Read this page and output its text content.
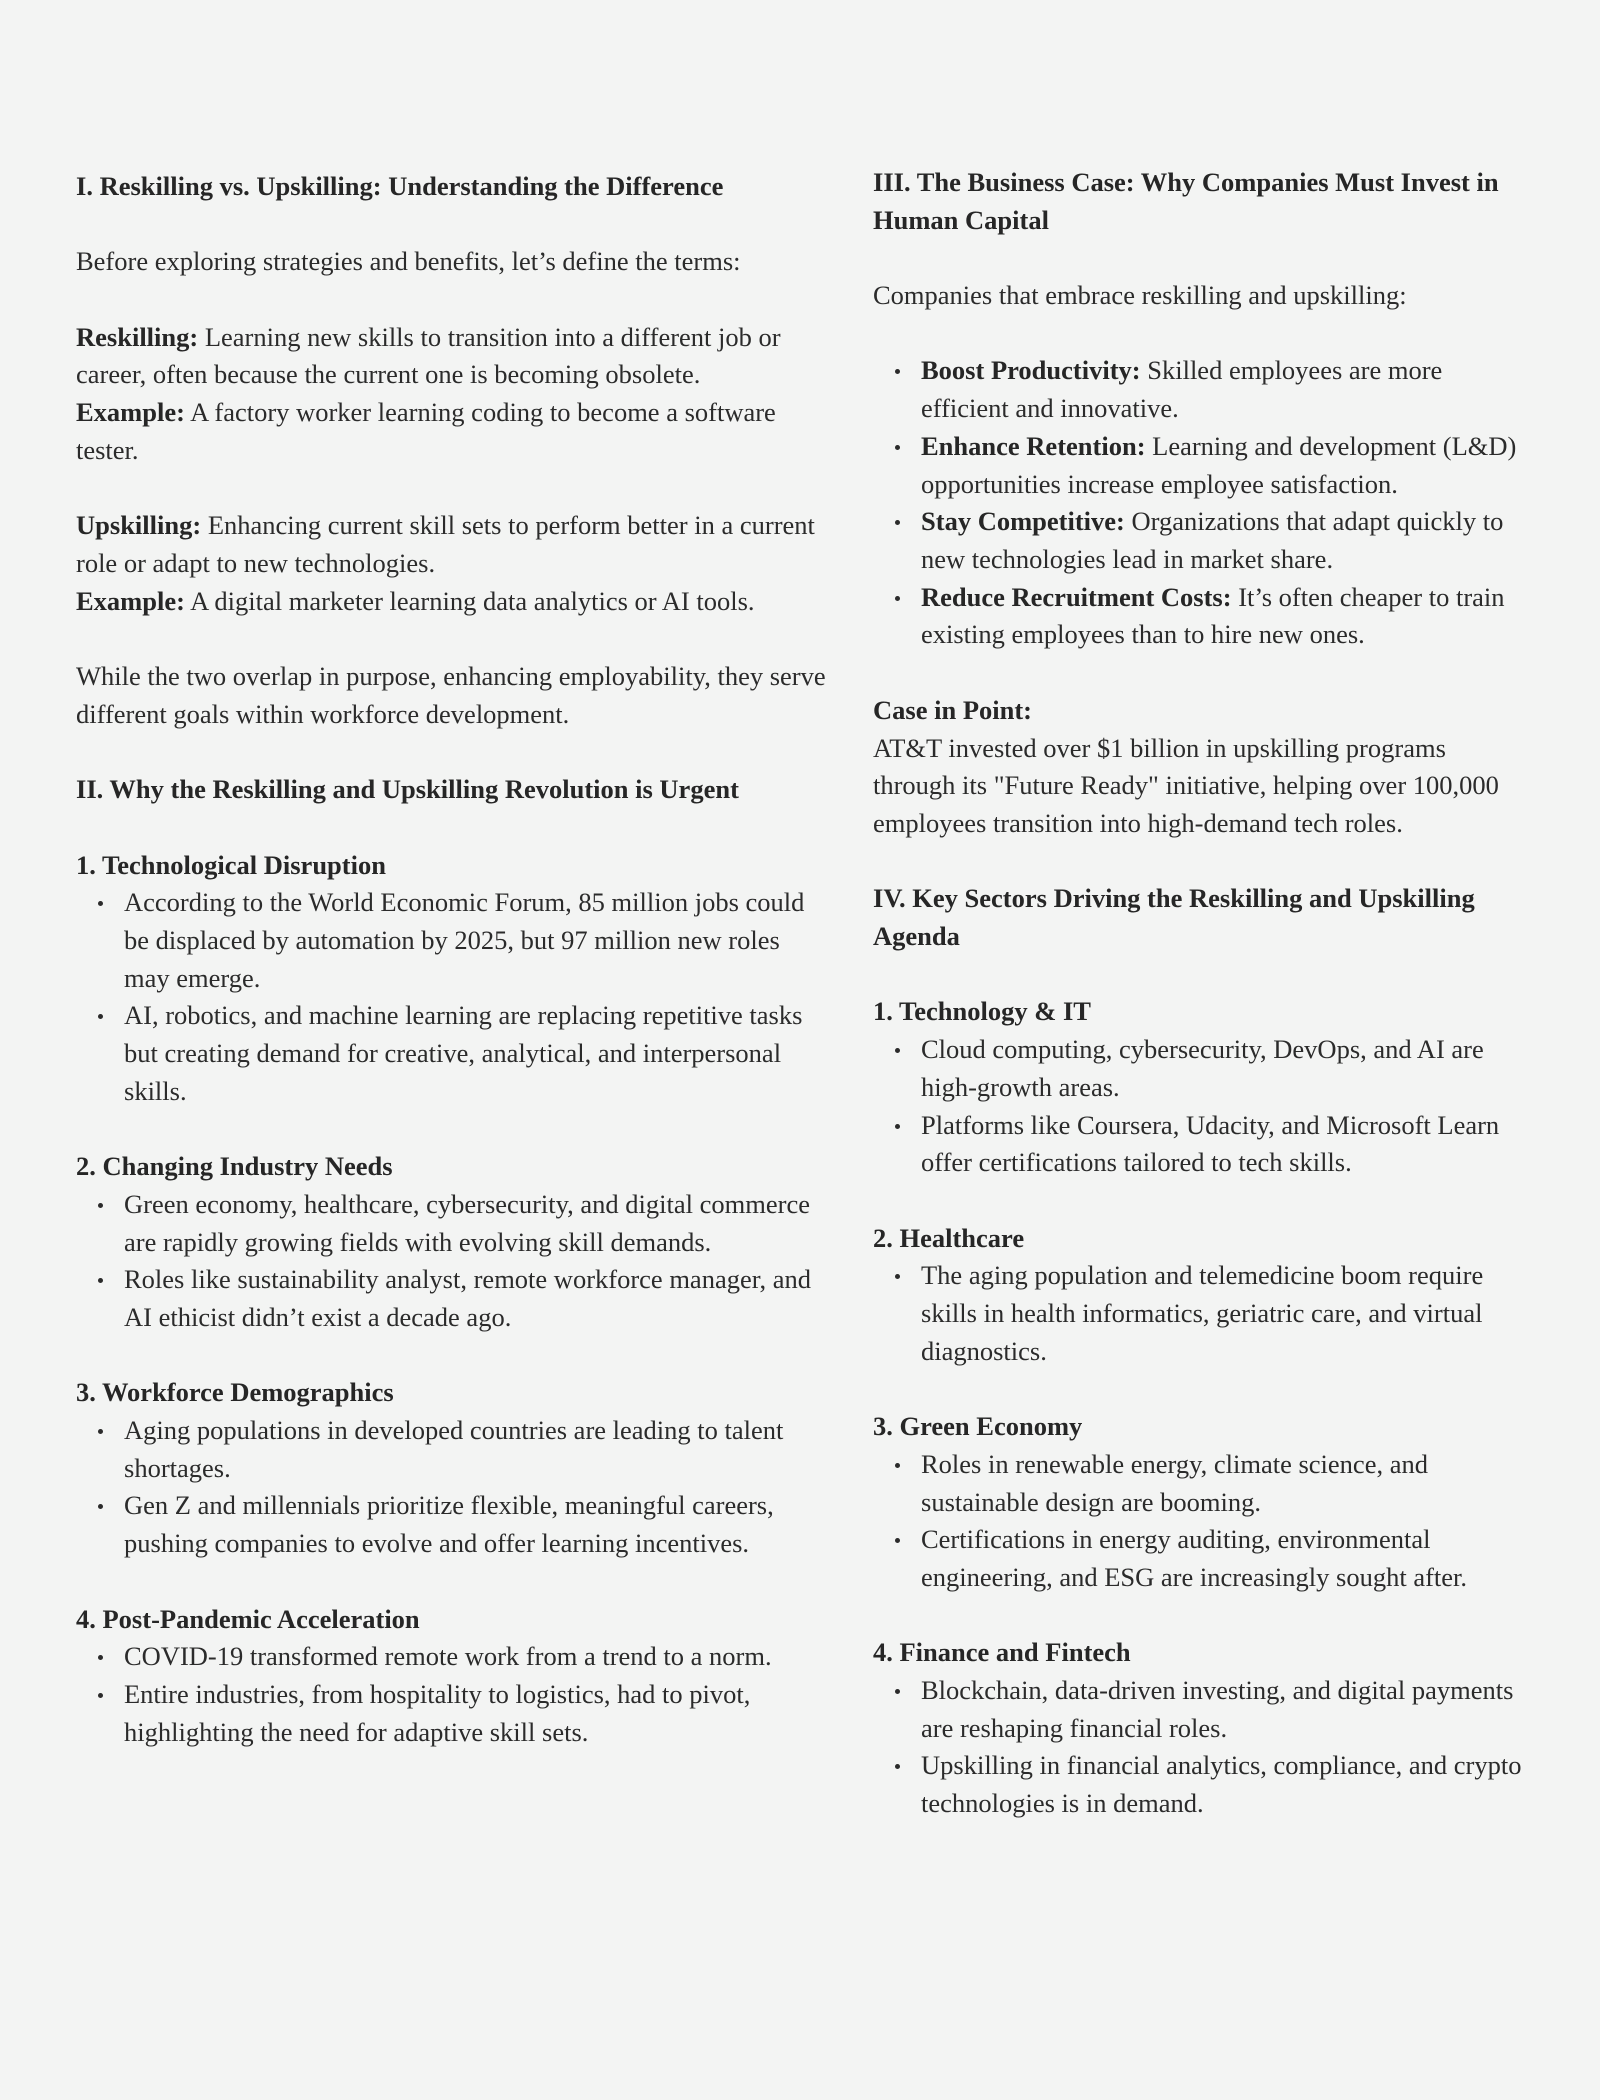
I. Reskilling vs. Upskilling: Understanding the Difference

Before exploring strategies and benefits, let’s define the terms:

Reskilling: Learning new skills to transition into a different job or career, often because the current one is becoming obsolete.

Example: A factory worker learning coding to become a software tester.

Upskilling: Enhancing current skill sets to perform better in a current role or adapt to new technologies.

Example: A digital marketer learning data analytics or AI tools.

While the two overlap in purpose, enhancing employability, they serve different goals within workforce development.

II. Why the Reskilling and Upskilling Revolution is Urgent

1. Technological Disruption

According to the World Economic Forum, 85 million jobs could be displaced by automation by 2025, but 97 million new roles may emerge.
AI, robotics, and machine learning are replacing repetitive tasks but creating demand for creative, analytical, and interpersonal skills.

2. Changing Industry Needs

Green economy, healthcare, cybersecurity, and digital commerce are rapidly growing fields with evolving skill demands.
Roles like sustainability analyst, remote workforce manager, and AI ethicist didn’t exist a decade ago.

3. Workforce Demographics

Aging populations in developed countries are leading to talent shortages.
Gen Z and millennials prioritize flexible, meaningful careers, pushing companies to evolve and offer learning incentives.

4. Post-Pandemic Acceleration

COVID-19 transformed remote work from a trend to a norm.
Entire industries, from hospitality to logistics, had to pivot, highlighting the need for adaptive skill sets.
III. The Business Case: Why Companies Must Invest in Human Capital

Companies that embrace reskilling and upskilling:

Boost Productivity: Skilled employees are more efficient and innovative.
Enhance Retention: Learning and development (L&D) opportunities increase employee satisfaction.
Stay Competitive: Organizations that adapt quickly to new technologies lead in market share.
Reduce Recruitment Costs: It’s often cheaper to train existing employees than to hire new ones.

Case in Point:

AT&T invested over $1 billion in upskilling programs through its "Future Ready" initiative, helping over 100,000 employees transition into high-demand tech roles.

IV. Key Sectors Driving the Reskilling and Upskilling Agenda

1. Technology & IT

Cloud computing, cybersecurity, DevOps, and AI are high-growth areas.
Platforms like Coursera, Udacity, and Microsoft Learn offer certifications tailored to tech skills.

2. Healthcare

The aging population and telemedicine boom require skills in health informatics, geriatric care, and virtual diagnostics.

3. Green Economy

Roles in renewable energy, climate science, and sustainable design are booming.
Certifications in energy auditing, environmental engineering, and ESG are increasingly sought after.

4. Finance and Fintech

Blockchain, data-driven investing, and digital payments are reshaping financial roles.
Upskilling in financial analytics, compliance, and crypto technologies is in demand.
